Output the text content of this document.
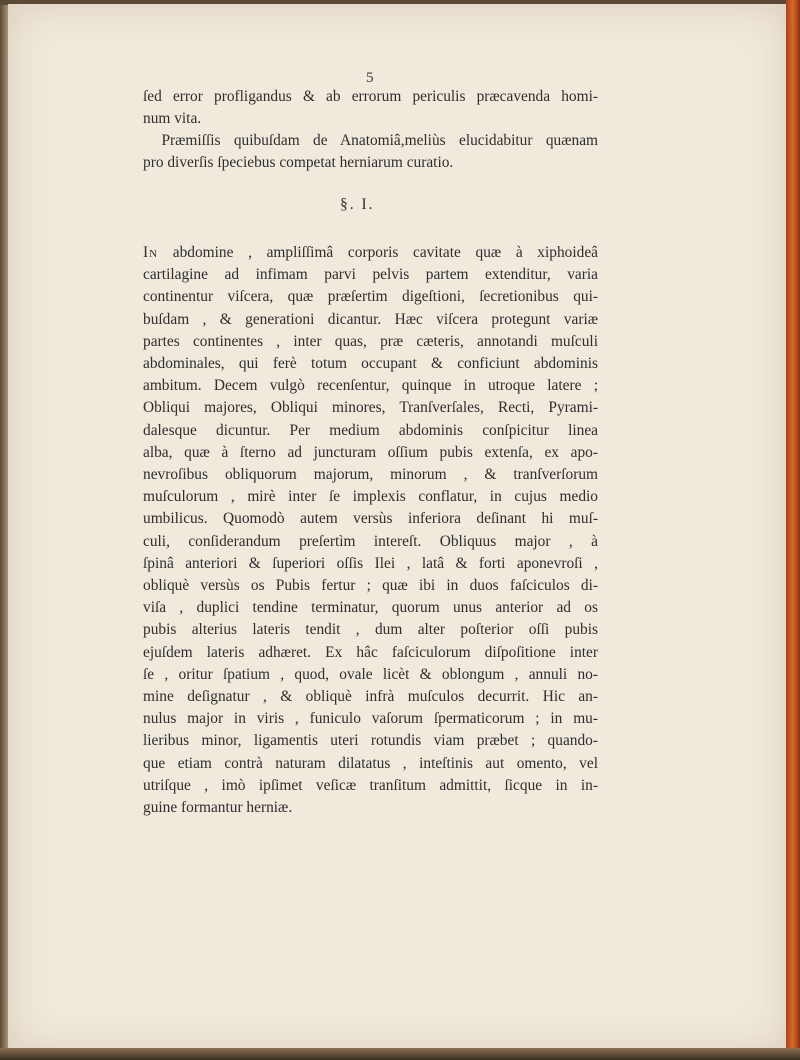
5
ſed error profligandus & ab errorum periculis præcavenda homi-
num vita.
Præmiſſis quibuſdam de Anatomiâ,meliùs elucidabitur quænam
pro diverſis ſpeciebus competat herniarum curatio.
§. I.
In abdomine , ampliſſimâ corporis cavitate quæ à xiphoideâ
cartilagine ad infimam parvi pelvis partem extenditur, varia
continentur viſcera, quæ præſertim digeſtioni, ſecretionibus qui-
buſdam , & generationi dicantur. Hæc viſcera protegunt variæ
partes continentes , inter quas, præ cæteris, annotandi muſculi
abdominales, qui ferè totum occupant & conficiunt abdominis
ambitum. Decem vulgò recenſentur, quinque in utroque latere ;
Obliqui majores, Obliqui minores, Tranſverſales, Recti, Pyrami-
dalesque dicuntur. Per medium abdominis conſpicitur linea
alba, quæ à ſterno ad juncturam oſſium pubis extenſa, ex apo-
nevroſibus obliquorum majorum, minorum , & tranſverſorum
muſculorum , mirè inter ſe implexis conflatur, in cujus medio
umbilicus. Quomodò autem versùs inferiora deſinant hi muſ-
culi, conſiderandum preſertìm intereſt. Obliquus major , à
ſpinâ anteriori & ſuperiori oſſis Ilei , latâ & forti aponevroſi ,
obliquè versùs os Pubis fertur ; quæ ibi in duos faſciculos di-
viſa , duplici tendine terminatur, quorum unus anterior ad os
pubis alterius lateris tendit , dum alter poſterior oſſi pubis
ejuſdem lateris adhæret. Ex hâc faſciculorum diſpoſitione inter
ſe , oritur ſpatium , quod, ovale licèt & oblongum , annuli no-
mine deſignatur , & obliquè infrà muſculos decurrit. Hic an-
nulus major in viris , funiculo vaſorum ſpermaticorum ; in mu-
lieribus minor, ligamentis uteri rotundis viam præbet ; quando-
que etiam contrà naturam dilatatus , inteſtinis aut omento, vel
utriſque , imò ipſimet veſicæ tranſitum admittit, ſicque in in-
guine formantur herniæ.
